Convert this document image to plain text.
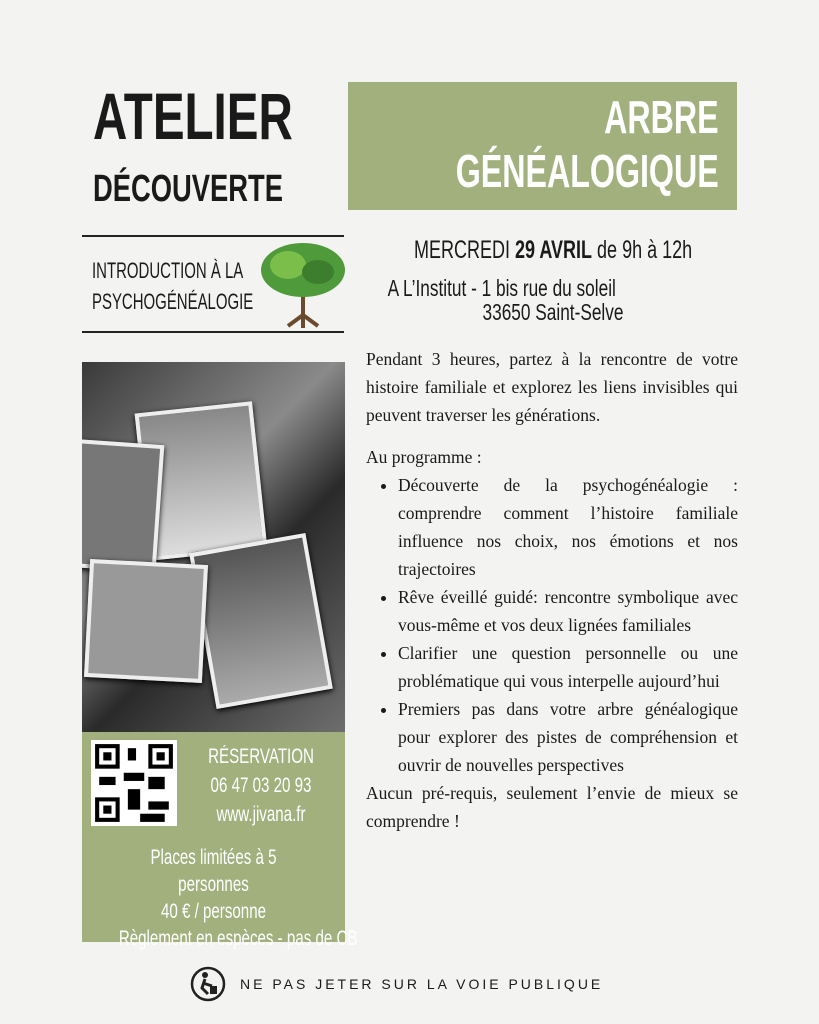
ATELIER
DÉCOUVERTE
INTRODUCTION À LA
PSYCHOGÉNÉALOGIE
ARBRE
GÉNÉALOGIQUE
MERCREDI 29 AVRIL de 9h à 12h
A L’Institut - 1 bis rue du soleil
33650 Saint-Selve
RÉSERVATION
06 47 03 20 93
www.jivana.fr
Places limitées à 5 personnes
40 € / personne
Règlement en espèces - pas de CB

Pendant 3 heures, partez à la rencontre de votre histoire familiale et explorez les liens invisibles qui peuvent traverser les générations.

Au programme :

• Découverte de la psychogénéalogie : comprendre comment l’histoire familiale influence nos choix, nos émotions et nos trajectoires
• Rêve éveillé guidé: rencontre symbolique avec vous-même et vos deux lignées familiales
• Clarifier une question personnelle ou une problématique qui vous interpelle aujourd’hui
• Premiers pas dans votre arbre généalogique pour explorer des pistes de compréhension et ouvrir de nouvelles perspectives

Aucun pré-requis, seulement l’envie de mieux se comprendre !

NE PAS JETER SUR LA VOIE PUBLIQUE
